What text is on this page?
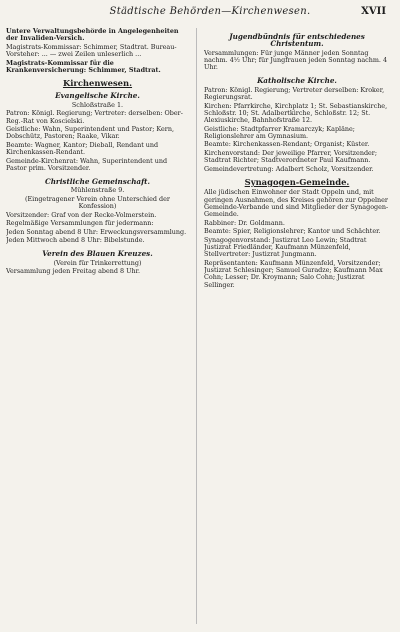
Städtische Behörden—Kirchenwesen.	XVII
Untere Verwaltungsbehörde in Angelegenheiten der Invaliden-Versich.
Magistrats-Kommissar: Schimmer, Stadtrat. Bureau-Vorsteher: ... — zwei Zeilen unleserlich ...
Magistrats-Kommissar für die Krankenversicherung: Schimmer, Stadtrat.
Kirchenwesen.
Evangelische Kirche.
Schloßstraße 1.
Patron: Königl. Regierung; Vertreter: derselben: Ober-Reg.-Rat von Koscielski.
Geistliche: Wahn, Superintendent und Pastor; Kern, Dobschütz, Pastoren; Raake, Vikar.
Beamte: Wagner, Kantor; Dieball, Rendant und Kirchenkassen-Rendant.
Gemeinde-Kirchenrat: Wahn, Superintendent und Pastor prim. Vorsitzender.
Christliche Gemeinschaft.
Mühlenstraße 9.
(Eingetragener Verein ohne Unterschied der Konfession)
Vorsitzender: Graf von der Recke-Volmerstein.
Regelmäßige Versammlungen für jedermann:
Jeden Sonntag abend 8 Uhr: Erweckungsversammlung.
Jeden Mittwoch abend 8 Uhr: Bibelstunde.
Verein des Blauen Kreuzes.
(Verein für Trinkerrettung)
Versammlung jeden Freitag abend 8 Uhr.
Jugendbündnis für entschiedenes Christentum.
Versammlungen: Für junge Männer jeden Sonntag nachm. 4½ Uhr; für Jungfrauen jeden Sonntag nachm. 4 Uhr.
Katholische Kirche.
Patron: Königl. Regierung; Vertreter derselben: Kroker, Regierungsrat.
Kirchen: Pfarrkirche, Kirchplatz 1; St. Sebastianskirche, Schloßstr. 10; St. Adalbertkirche, Schloßstr. 12; St. Alexiuskirche, Bahnhofstraße 12.
Geistliche: Stadtpfarrer Kramarczyk; Kapläne; Religionslehrer am Gymnasium.
Beamte: Kirchenkassen-Rendant; Organist; Küster.
Kirchenvorstand: Der jeweilige Pfarrer, Vorsitzender; Stadtrat Richter; Stadtverordneter Paul Kaufmann.
Gemeindevertretung: Adalbert Scholz, Vorsitzender.
Synagogen-Gemeinde.
Alle jüdischen Einwohner der Stadt Oppeln und, mit geringen Ausnahmen, des Kreises gehören zur Oppelner Gemeinde-Verbande und sind Mitglieder der Synagogen-Gemeinde.
Rabbiner: Dr. Goldmann.
Beamte: Spier, Religionslehrer; Kantor und Schächter.
Synagogenvorstand: Justizrat Leo Lewin; Stadtrat Justizrat Friedländer, Kaufmann Münzenfeld, Stellvertreter: Justizrat Jungmann.
Repräsentanten: Kaufmann Münzenfeld, Vorsitzender; Justizrat Schlesinger; Samuel Guradze; Kaufmann Max Cohn; Lesser; Dr. Kroymann; Salo Cohn; Justizrat Sellinger.
